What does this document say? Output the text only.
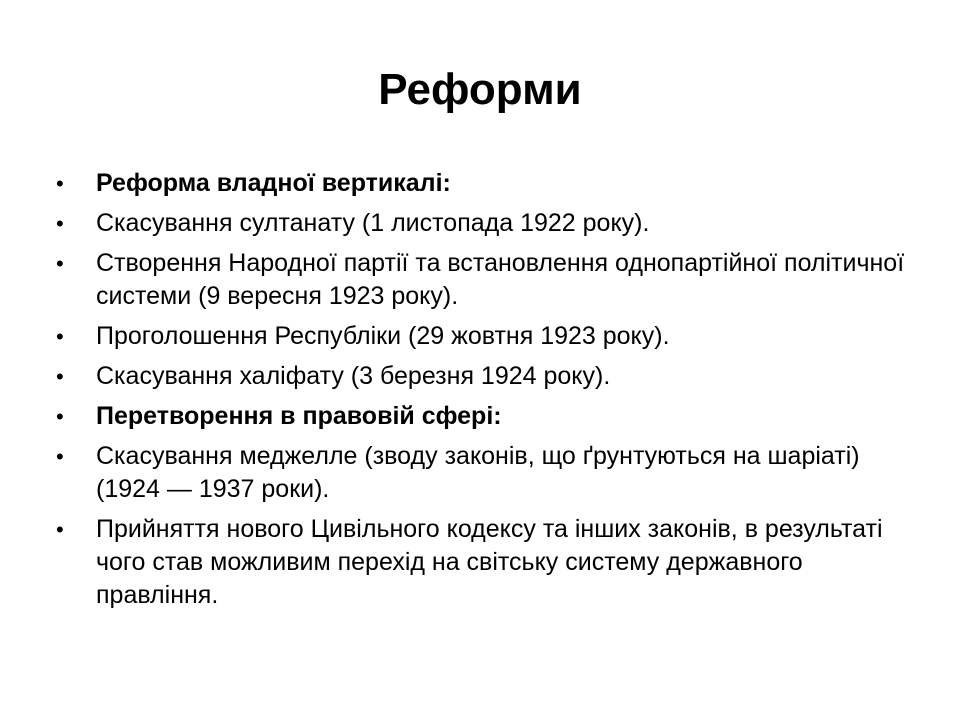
Реформи
• Реформа владної вертикалі:
• Скасування султанату (1 листопада 1922 року).
• Створення Народної партії та встановлення однопартійної політичної системи (9 вересня 1923 року).
• Проголошення Республіки (29 жовтня 1923 року).
• Скасування халіфату (3 березня 1924 року).
• Перетворення в правовій сфері:
• Скасування меджелле (зводу законів, що ґрунтуються на шаріаті) (1924 — 1937 роки).
• Прийняття нового Цивільного кодексу та інших законів, в результаті чого став можливим перехід на світську систему державного правління.
